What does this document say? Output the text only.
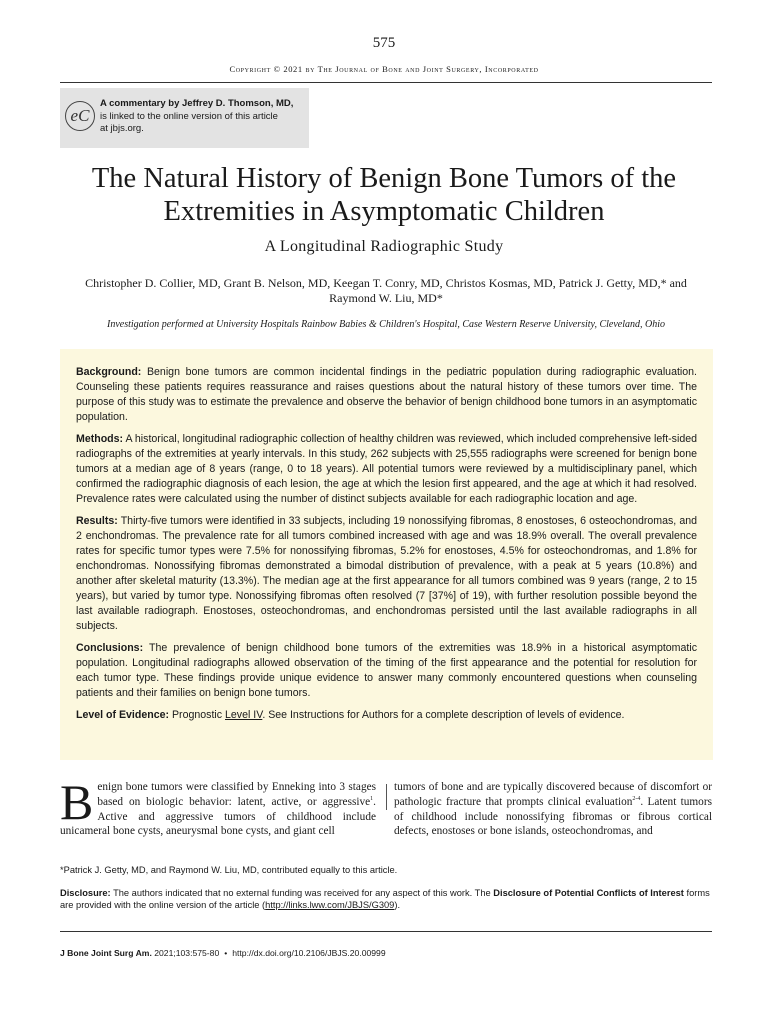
575
Copyright © 2021 by The Journal of Bone and Joint Surgery, Incorporated
eC
A commentary by Jeffrey D. Thomson, MD,
is linked to the online version of this article
at jbjs.org.
The Natural History of Benign Bone Tumors of the Extremities in Asymptomatic Children
A Longitudinal Radiographic Study
Christopher D. Collier, MD, Grant B. Nelson, MD, Keegan T. Conry, MD, Christos Kosmas, MD, Patrick J. Getty, MD,* and
Raymond W. Liu, MD*
Investigation performed at University Hospitals Rainbow Babies & Children's Hospital, Case Western Reserve University, Cleveland, Ohio

Background: Benign bone tumors are common incidental findings in the pediatric population during radiographic evaluation. Counseling these patients requires reassurance and raises questions about the natural history of these tumors over time. The purpose of this study was to estimate the prevalence and observe the behavior of benign childhood bone tumors in an asymptomatic population.

Methods: A historical, longitudinal radiographic collection of healthy children was reviewed, which included comprehensive left-sided radiographs of the extremities at yearly intervals. In this study, 262 subjects with 25,555 radiographs were screened for benign bone tumors at a median age of 8 years (range, 0 to 18 years). All potential tumors were reviewed by a multidisciplinary panel, which confirmed the radiographic diagnosis of each lesion, the age at which the lesion first appeared, and the age at which it had resolved. Prevalence rates were calculated using the number of distinct subjects available for each radiographic location and age.

Results: Thirty-five tumors were identified in 33 subjects, including 19 nonossifying fibromas, 8 enostoses, 6 osteochondromas, and 2 enchondromas. The prevalence rate for all tumors combined increased with age and was 18.9% overall. The overall prevalence rates for specific tumor types were 7.5% for nonossifying fibromas, 5.2% for enostoses, 4.5% for osteochondromas, and 1.8% for enchondromas. Nonossifying fibromas demonstrated a bimodal distribution of prevalence, with a peak at 5 years (10.8%) and another after skeletal maturity (13.3%). The median age at the first appearance for all tumors combined was 9 years (range, 2 to 15 years), but varied by tumor type. Nonossifying fibromas often resolved (7 [37%] of 19), with further resolution possible beyond the last available radiograph. Enostoses, osteochondromas, and enchondromas persisted until the last available radiographs in all subjects.

Conclusions: The prevalence of benign childhood bone tumors of the extremities was 18.9% in a historical asymptomatic population. Longitudinal radiographs allowed observation of the timing of the first appearance and the potential for resolution for each tumor type. These findings provide unique evidence to answer many commonly encountered questions when counseling patients and their families on benign bone tumors.

Level of Evidence: Prognostic Level IV. See Instructions for Authors for a complete description of levels of evidence.

Benign bone tumors were classified by Enneking into 3 stages based on biologic behavior: latent, active, or aggressive$^1$. Active and aggressive tumors of childhood include unicameral bone cysts, aneurysmal bone cysts, and giant cell
tumors of bone and are typically discovered because of discomfort or pathologic fracture that prompts clinical evaluation$^{2-4}$. Latent tumors of childhood include nonossifying fibromas or fibrous cortical defects, enostoses or bone islands, osteochondromas, and
*Patrick J. Getty, MD, and Raymond W. Liu, MD, contributed equally to this article.
Disclosure: The authors indicated that no external funding was received for any aspect of this work. The Disclosure of Potential Conflicts of Interest forms are provided with the online version of the article (http://links.lww.com/JBJS/G309).
J Bone Joint Surg Am. 2021;103:575-80 • http://dx.doi.org/10.2106/JBJS.20.00999
